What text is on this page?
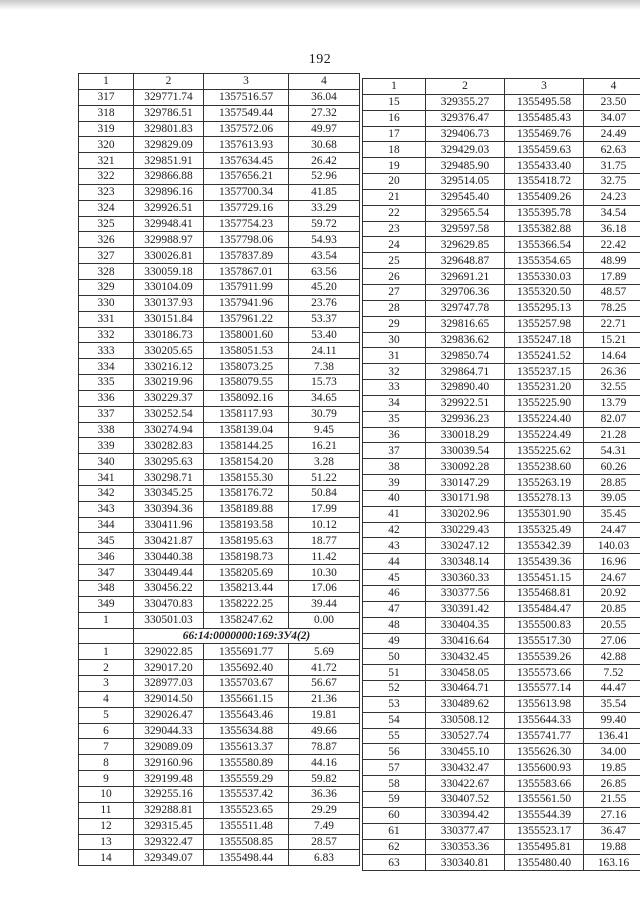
192
1	2	3	4
317	329771.74	1357516.57	36.04
318	329786.51	1357549.44	27.32
319	329801.83	1357572.06	49.97
320	329829.09	1357613.93	30.68
321	329851.91	1357634.45	26.42
322	329866.88	1357656.21	52.96
323	329896.16	1357700.34	41.85
324	329926.51	1357729.16	33.29
325	329948.41	1357754.23	59.72
326	329988.97	1357798.06	54.93
327	330026.81	1357837.89	43.54
328	330059.18	1357867.01	63.56
329	330104.09	1357911.99	45.20
330	330137.93	1357941.96	23.76
331	330151.84	1357961.22	53.37
332	330186.73	1358001.60	53.40
333	330205.65	1358051.53	24.11
334	330216.12	1358073.25	7.38
335	330219.96	1358079.55	15.73
336	330229.37	1358092.16	34.65
337	330252.54	1358117.93	30.79
338	330274.94	1358139.04	9.45
339	330282.83	1358144.25	16.21
340	330295.63	1358154.20	3.28
341	330298.71	1358155.30	51.22
342	330345.25	1358176.72	50.84
343	330394.36	1358189.88	17.99
344	330411.96	1358193.58	10.12
345	330421.87	1358195.63	18.77
346	330440.38	1358198.73	11.42
347	330449.44	1358205.69	10.30
348	330456.22	1358213.44	17.06
349	330470.83	1358222.25	39.44
1	330501.03	1358247.62	0.00
	66:14:0000000:169:ЗУ4(2)		
1	329022.85	1355691.77	5.69
2	329017.20	1355692.40	41.72
3	328977.03	1355703.67	56.67
4	329014.50	1355661.15	21.36
5	329026.47	1355643.46	19.81
6	329044.33	1355634.88	49.66
7	329089.09	1355613.37	78.87
8	329160.96	1355580.89	44.16
9	329199.48	1355559.29	59.82
10	329255.16	1355537.42	36.36
11	329288.81	1355523.65	29.29
12	329315.45	1355511.48	7.49
13	329322.47	1355508.85	28.57
14	329349.07	1355498.44	6.83
1	2	3	4
15	329355.27	1355495.58	23.50
16	329376.47	1355485.43	34.07
17	329406.73	1355469.76	24.49
18	329429.03	1355459.63	62.63
19	329485.90	1355433.40	31.75
20	329514.05	1355418.72	32.75
21	329545.40	1355409.26	24.23
22	329565.54	1355395.78	34.54
23	329597.58	1355382.88	36.18
24	329629.85	1355366.54	22.42
25	329648.87	1355354.65	48.99
26	329691.21	1355330.03	17.89
27	329706.36	1355320.50	48.57
28	329747.78	1355295.13	78.25
29	329816.65	1355257.98	22.71
30	329836.62	1355247.18	15.21
31	329850.74	1355241.52	14.64
32	329864.71	1355237.15	26.36
33	329890.40	1355231.20	32.55
34	329922.51	1355225.90	13.79
35	329936.23	1355224.40	82.07
36	330018.29	1355224.49	21.28
37	330039.54	1355225.62	54.31
38	330092.28	1355238.60	60.26
39	330147.29	1355263.19	28.85
40	330171.98	1355278.13	39.05
41	330202.96	1355301.90	35.45
42	330229.43	1355325.49	24.47
43	330247.12	1355342.39	140.03
44	330348.14	1355439.36	16.96
45	330360.33	1355451.15	24.67
46	330377.56	1355468.81	20.92
47	330391.42	1355484.47	20.85
48	330404.35	1355500.83	20.55
49	330416.64	1355517.30	27.06
50	330432.45	1355539.26	42.88
51	330458.05	1355573.66	7.52
52	330464.71	1355577.14	44.47
53	330489.62	1355613.98	35.54
54	330508.12	1355644.33	99.40
55	330527.74	1355741.77	136.41
56	330455.10	1355626.30	34.00
57	330432.47	1355600.93	19.85
58	330422.67	1355583.66	26.85
59	330407.52	1355561.50	21.55
60	330394.42	1355544.39	27.16
61	330377.47	1355523.17	36.47
62	330353.36	1355495.81	19.88
63	330340.81	1355480.40	163.16
